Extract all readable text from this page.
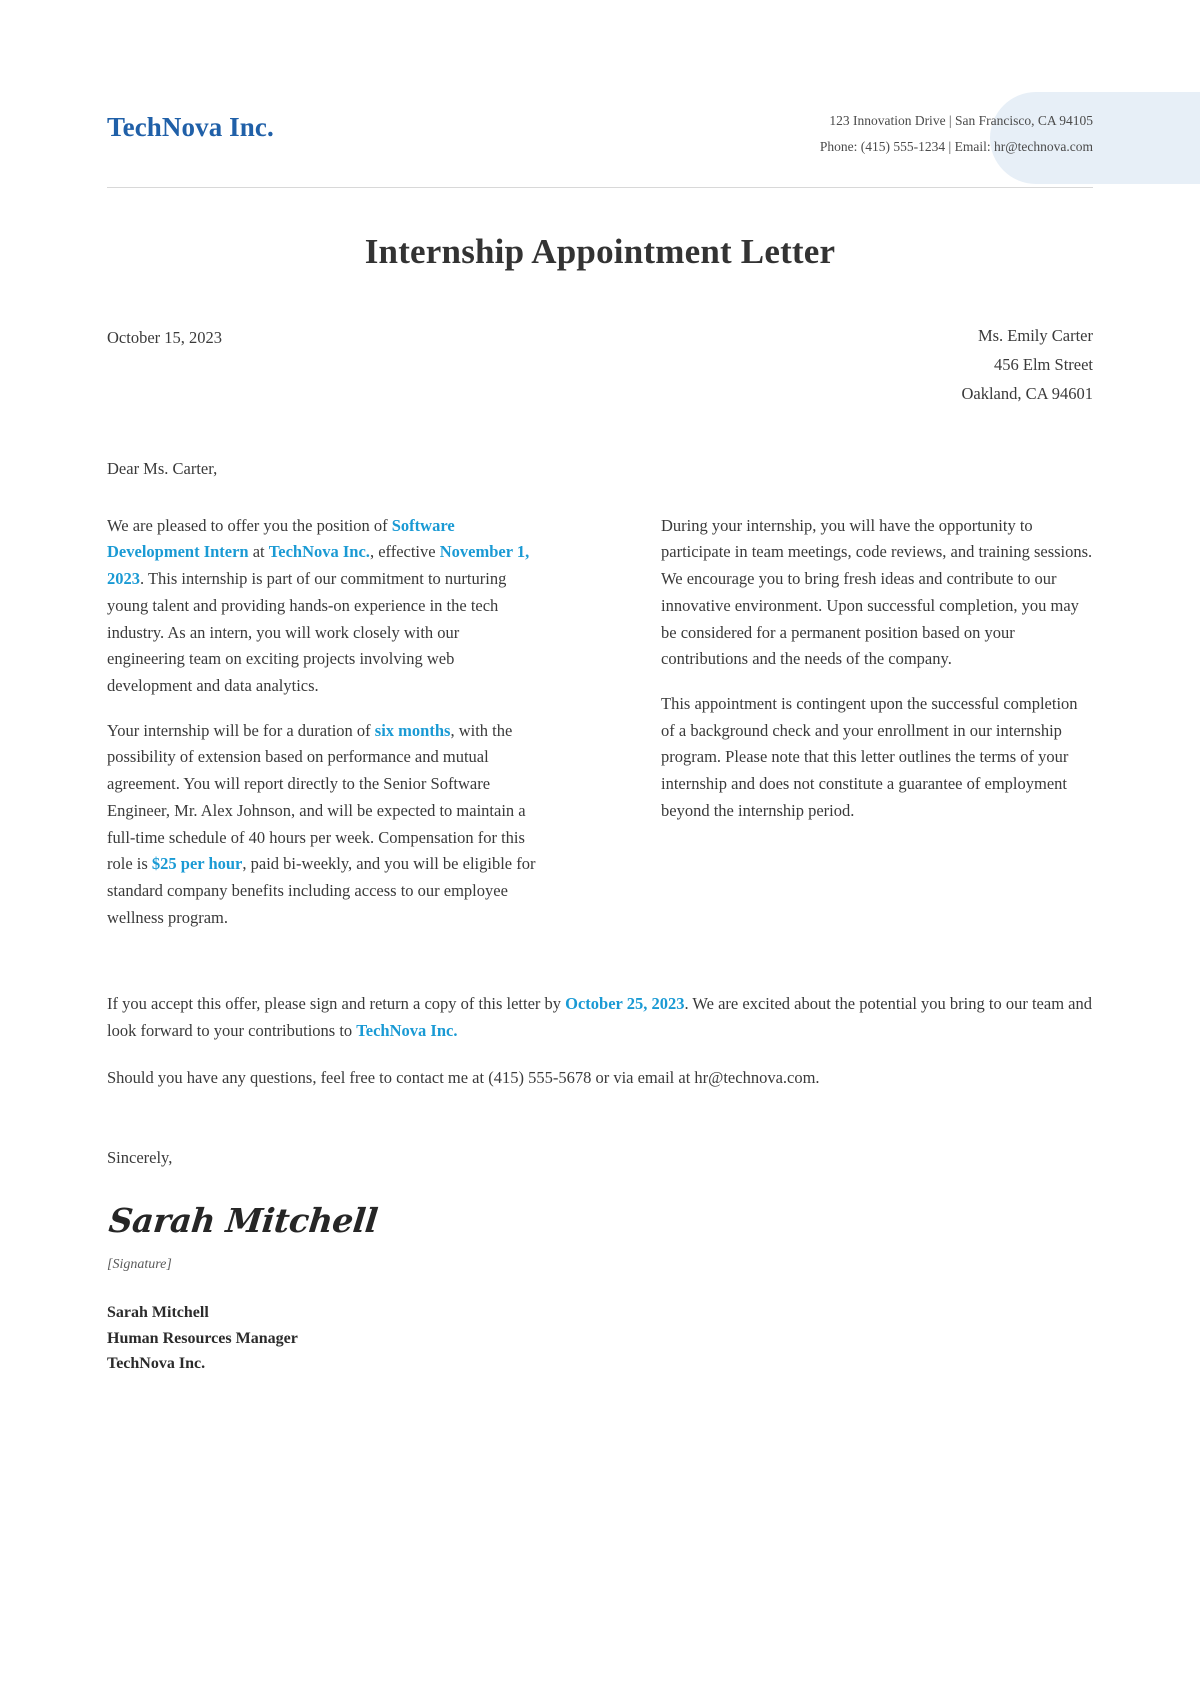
TechNova Inc.	123 Innovation Drive | San Francisco, CA 94105
Phone: (415) 555-1234 | Email: hr@technova.com
Internship Appointment Letter
October 15, 2023	Ms. Emily Carter
456 Elm Street
Oakland, CA 94601
Dear Ms. Carter,

We are pleased to offer you the position of Software Development Intern at TechNova Inc., effective November 1, 2023. This internship is part of our commitment to nurturing young talent and providing hands-on experience in the tech industry. As an intern, you will work closely with our engineering team on exciting projects involving web development and data analytics.

Your internship will be for a duration of six months, with the possibility of extension based on performance and mutual agreement. You will report directly to the Senior Software Engineer, Mr. Alex Johnson, and will be expected to maintain a full-time schedule of 40 hours per week. Compensation for this role is $25 per hour, paid bi-weekly, and you will be eligible for standard company benefits including access to our employee wellness program.

During your internship, you will have the opportunity to participate in team meetings, code reviews, and training sessions. We encourage you to bring fresh ideas and contribute to our innovative environment. Upon successful completion, you may be considered for a permanent position based on your contributions and the needs of the company.

This appointment is contingent upon the successful completion of a background check and your enrollment in our internship program. Please note that this letter outlines the terms of your internship and does not constitute a guarantee of employment beyond the internship period.

If you accept this offer, please sign and return a copy of this letter by October 25, 2023. We are excited about the potential you bring to our team and look forward to your contributions to TechNova Inc.

Should you have any questions, feel free to contact me at (415) 555-5678 or via email at hr@technova.com.

Sincerely,
Sarah Mitchell
[Signature]
Sarah Mitchell
Human Resources Manager
TechNova Inc.
